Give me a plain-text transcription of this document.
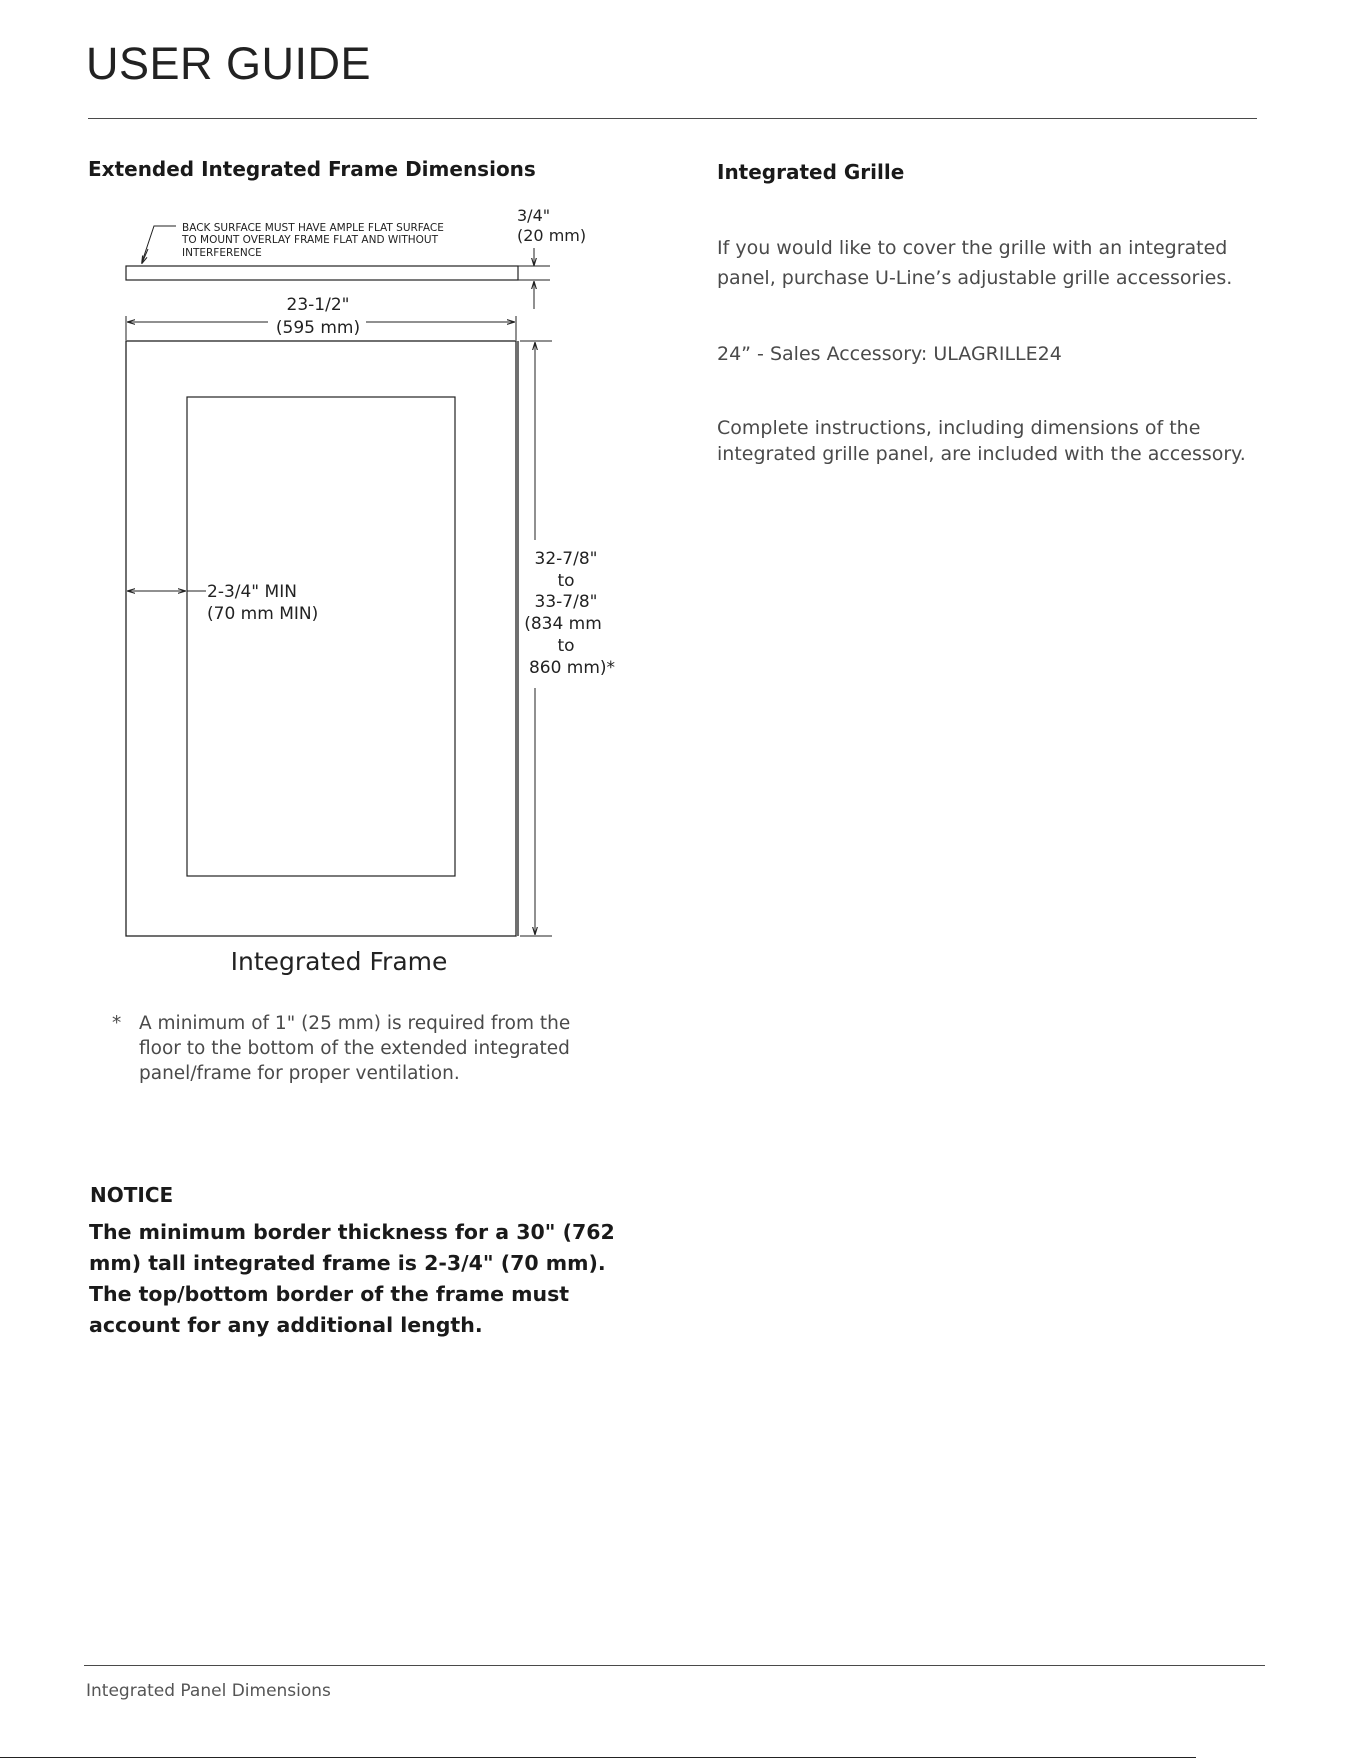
USER GUIDE
Extended Integrated Frame Dimensions
BACK SURFACE MUST HAVE AMPLE FLAT SURFACE
TO MOUNT OVERLAY FRAME FLAT AND WITHOUT
INTERFERENCE
3/4"
(20 mm)
23-1/2"
(595 mm)
2-3/4" MIN
(70 mm MIN)
32-7/8"
to
33-7/8"
(834 mm
to
860 mm)*
Integrated Frame
* A minimum of 1" (25 mm) is required from the floor to the bottom of the extended integrated panel/frame for proper ventilation.
NOTICE
The minimum border thickness for a 30" (762 mm) tall integrated frame is 2-3/4" (70 mm). The top/bottom border of the frame must account for any additional length.
Integrated Grille
If you would like to cover the grille with an integrated panel, purchase U-Line’s adjustable grille accessories.
24” - Sales Accessory: ULAGRILLE24
Complete instructions, including dimensions of the integrated grille panel, are included with the accessory.
Integrated Panel Dimensions
